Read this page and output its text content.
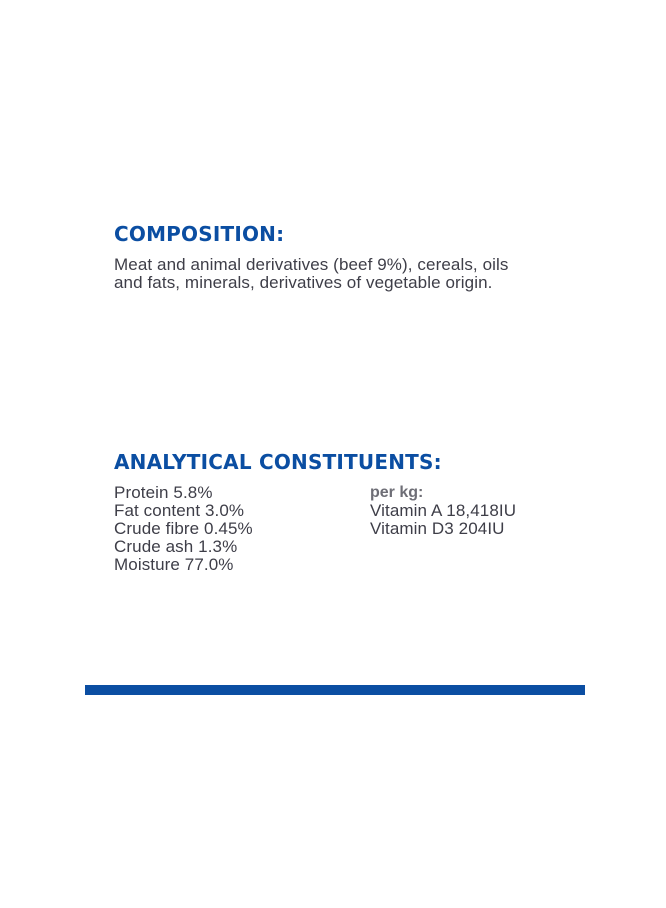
COMPOSITION:

Meat and animal derivatives (beef 9%), cereals, oils and fats, minerals, derivatives of vegetable origin.

ANALYTICAL CONSTITUENTS:
Protein 5.8%
Fat content 3.0%
Crude fibre 0.45%
Crude ash 1.3%
Moisture 77.0%
per kg:
Vitamin A 18,418IU
Vitamin D3 204IU
